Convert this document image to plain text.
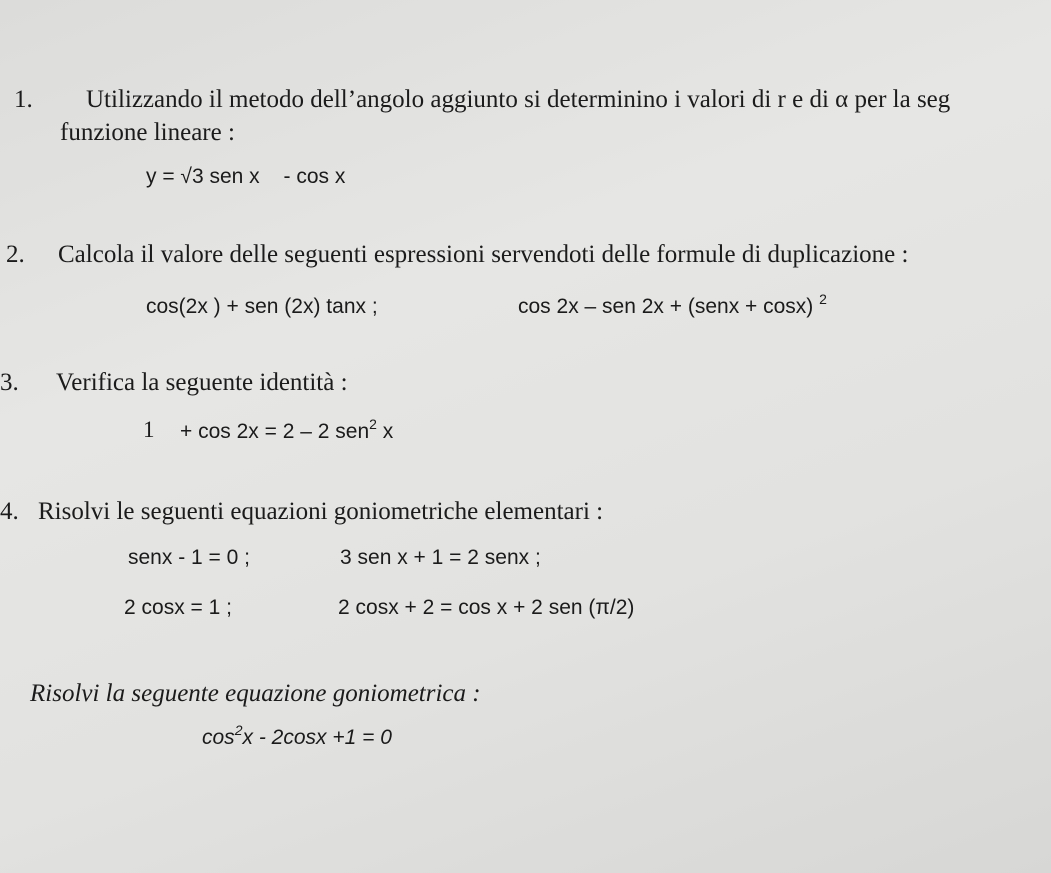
1. Utilizzando il metodo dell’angolo aggiunto si determinino i valori di r e di α per la seg
funzione lineare :
y = √3 sen x - cos x
2. Calcola il valore delle seguenti espressioni servendoti delle formule di duplicazione :
cos(2x ) + sen (2x) tanx ;	cos 2x – sen 2x + (senx + cosx) $^2$
3. Verifica la seguente identità :
1 + cos 2x = 2 – 2 sen$^2$ x
4. Risolvi le seguenti equazioni goniometriche elementari :
senx - 1 = 0 ;	3 sen x + 1 = 2 senx ;
2 cosx = 1 ;	2 cosx + 2 = cos x + 2 sen (π/2)
Risolvi la seguente equazione goniometrica :
$\cos^2x - 2\cos x +1 = 0$
